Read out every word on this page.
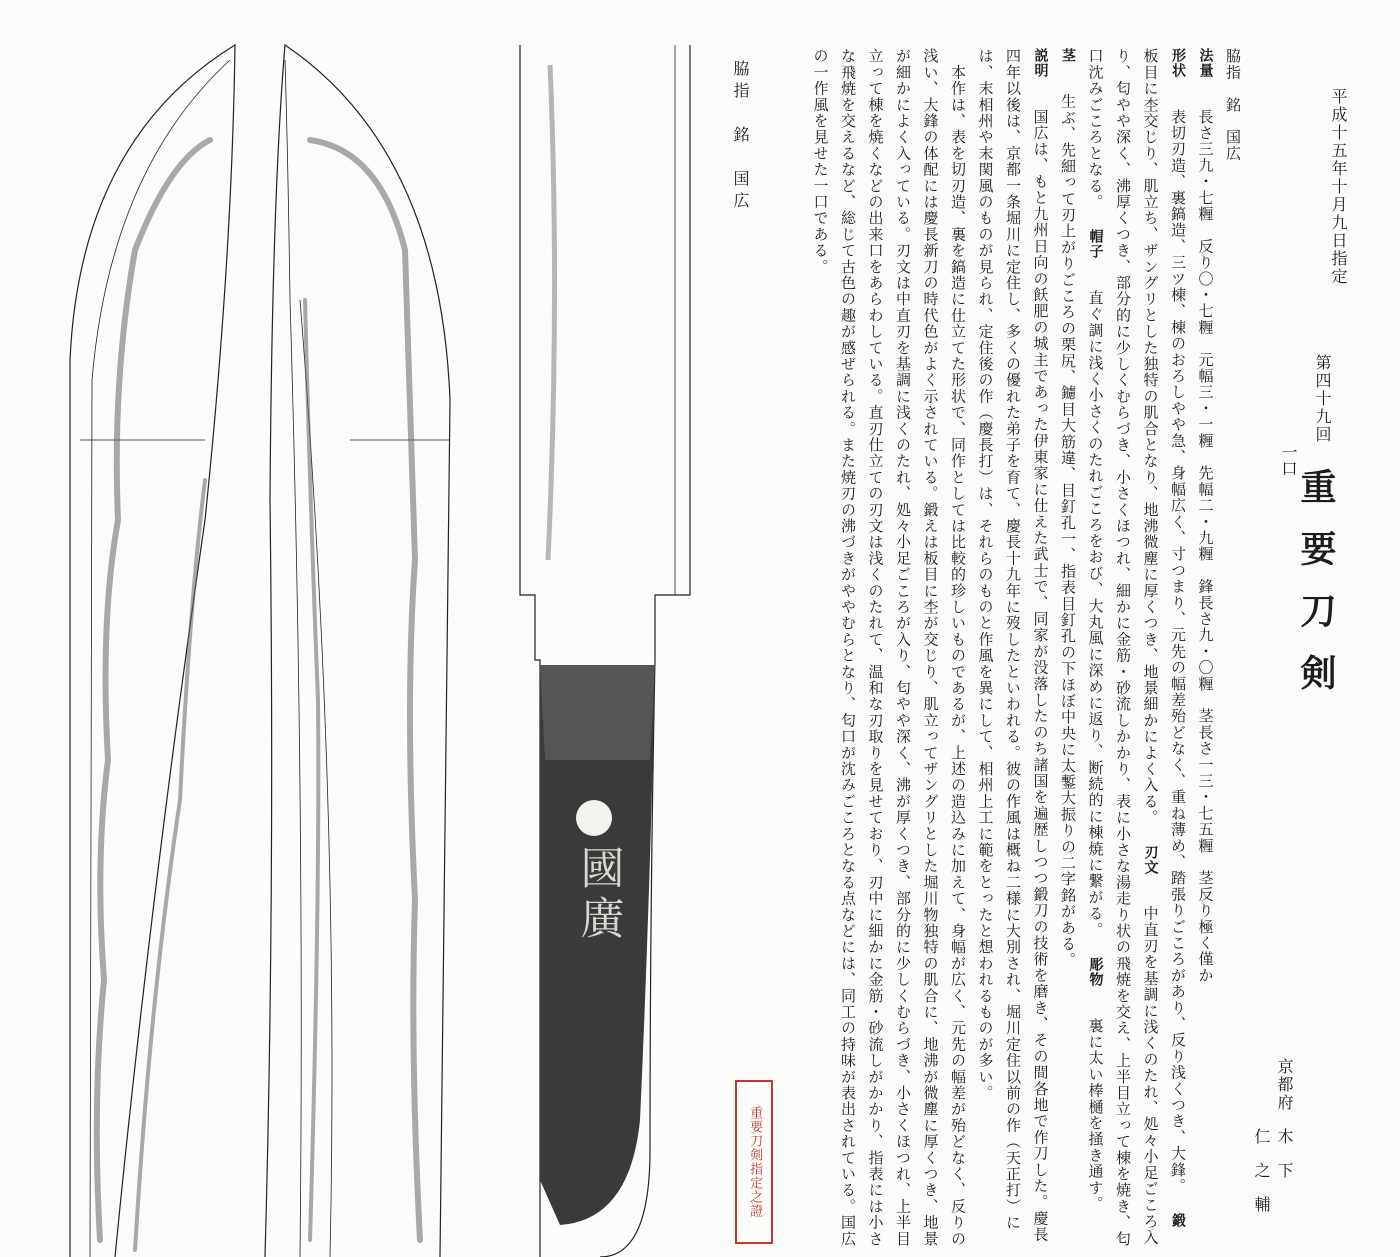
國廣
脇指　銘　国広
重要刀剣指定之證
平成十五年十月九日指定
第四十九回
重要刀剣
一口
京都府
木下　仁之輔

脇指　銘　国広

法量　長さ三九・七糎　反り〇・七糎　元幅三・一糎　先幅二・九糎　鋒長さ九・〇糎　茎長さ一三・七五糎　茎反り極く僅か

形状　表切刃造、裏鎬造、三ツ棟、棟のおろしやや急、身幅広く、寸つまり、元先の幅差殆どなく、重ね薄め、踏張りごころがあり、反り浅くつき、大鋒。 鍛　板目に杢交じり、肌立ち、ザングリとした独特の肌合となり、地沸微塵に厚くつき、地景細かによく入る。 刃文　中直刃を基調に浅くのたれ、処々小足ごころ入り、匂やや深く、沸厚くつき、部分的に少しくむらづき、小さくほつれ、細かに金筋・砂流しかかり、表に小さな湯走り状の飛焼を交え、上半目立って棟を焼き、匂口沈みごころとなる。 帽子　直ぐ調に浅く小さくのたれごころをおび、大丸風に深めに返り、断続的に棟焼に繋がる。 彫物　裏に太い棒樋を掻き通す。

茎　生ぶ、先細って刃上がりごころの栗尻、鑢目大筋違、目釘孔一、指表目釘孔の下ほぼ中央に太鏨大振りの二字銘がある。

説明　国広は、もと九州日向の飫肥の城主であった伊東家に仕えた武士で、同家が没落したのち諸国を遍歴しつつ鍛刀の技術を磨き、その間各地で作刀した。慶長四年以後は、京都一条堀川に定住し、多くの優れた弟子を育て、慶長十九年に歿したといわれる。彼の作風は概ね二様に大別され、堀川定住以前の作（天正打）には、末相州や末関風のものが見られ、定住後の作（慶長打）は、それらのものと作風を異にして、相州上工に範をとったと想われるものが多い。

　本作は、表を切刃造、裏を鎬造に仕立てた形状で、同作としては比較的珍しいものであるが、上述の造込みに加えて、身幅が広く、元先の幅差が殆どなく、反りの浅い、大鋒の体配には慶長新刀の時代色がよく示されている。鍛えは板目に杢が交じり、肌立ってザングリとした堀川物独特の肌合に、地沸が微塵に厚くつき、地景が細かによく入っている。刃文は中直刃を基調に浅くのたれ、処々小足ごころが入り、匂やや深く、沸が厚くつき、部分的に少しくむらづき、小さくほつれ、上半目立って棟を焼くなどの出来口をあらわしている。直刃仕立ての刃文は浅くのたれて、温和な刃取りを見せており、刃中に細かに金筋・砂流しがかかり、指表には小さな飛焼を交えるなど、総じて古色の趣が感ぜられる。また焼刃の沸づきがややむらとなり、匂口が沈みごころとなる点などには、同工の持味が表出されている。国広の一作風を見せた一口である。
